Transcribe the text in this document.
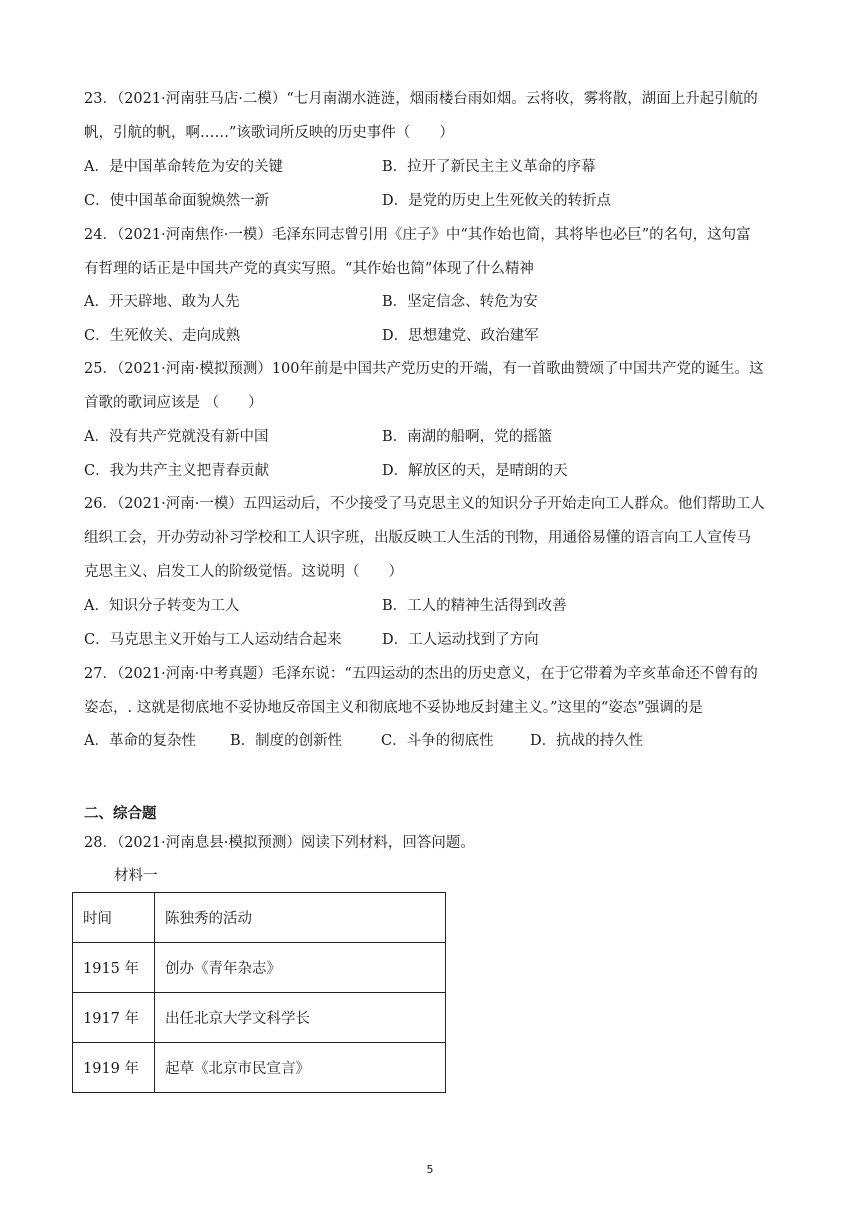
23．（2021·河南驻马店·二模）“七月南湖水涟涟，烟雨楼台雨如烟。云将收，雾将散，湖面上升起引航的

帆，引航的帆，啊……”该歌词所反映的历史事件（　　）

A．是中国革命转危为安的关键	B．拉开了新民主主义革命的序幕
C．使中国革命面貌焕然一新	D．是党的历史上生死攸关的转折点

24．（2021·河南焦作·一模）毛泽东同志曾引用《庄子》中“其作始也简，其将毕也必巨”的名句，这句富

有哲理的话正是中国共产党的真实写照。“其作始也简”体现了什么精神

A．开天辟地、敢为人先	B．坚定信念、转危为安
C．生死攸关、走向成熟	D．思想建党、政治建军

25．（2021·河南·模拟预测）100年前是中国共产党历史的开端，有一首歌曲赞颂了中国共产党的诞生。这

首歌的歌词应该是 （　　）

A．没有共产党就没有新中国	B．南湖的船啊，党的摇篮
C．我为共产主义把青春贡献	D．解放区的天，是晴朗的天

26．（2021·河南·一模）五四运动后，不少接受了马克思主义的知识分子开始走向工人群众。他们帮助工人

组织工会，开办劳动补习学校和工人识字班，出版反映工人生活的刊物，用通俗易懂的语言向工人宣传马

克思主义、启发工人的阶级觉悟。这说明（　　）

A．知识分子转变为工人	B．工人的精神生活得到改善
C．马克思主义开始与工人运动结合起来	D．工人运动找到了方向

27．（2021·河南·中考真题）毛泽东说：“五四运动的杰出的历史意义，在于它带着为辛亥革命还不曾有的

姿态，. 这就是彻底地不妥协地反帝国主义和彻底地不妥协地反封建主义。”这里的“姿态”强调的是

A．革命的复杂性 B．制度的创新性	C．斗争的彻底性	D．抗战的持久性
二、综合题

28．（2021·河南息县·模拟预测）阅读下列材料，回答问题。

材料一
时间	陈独秀的活动
1915 年	创办《青年杂志》
1917 年	出任北京大学文科学长
1919 年	起草《北京市民宣言》
5
